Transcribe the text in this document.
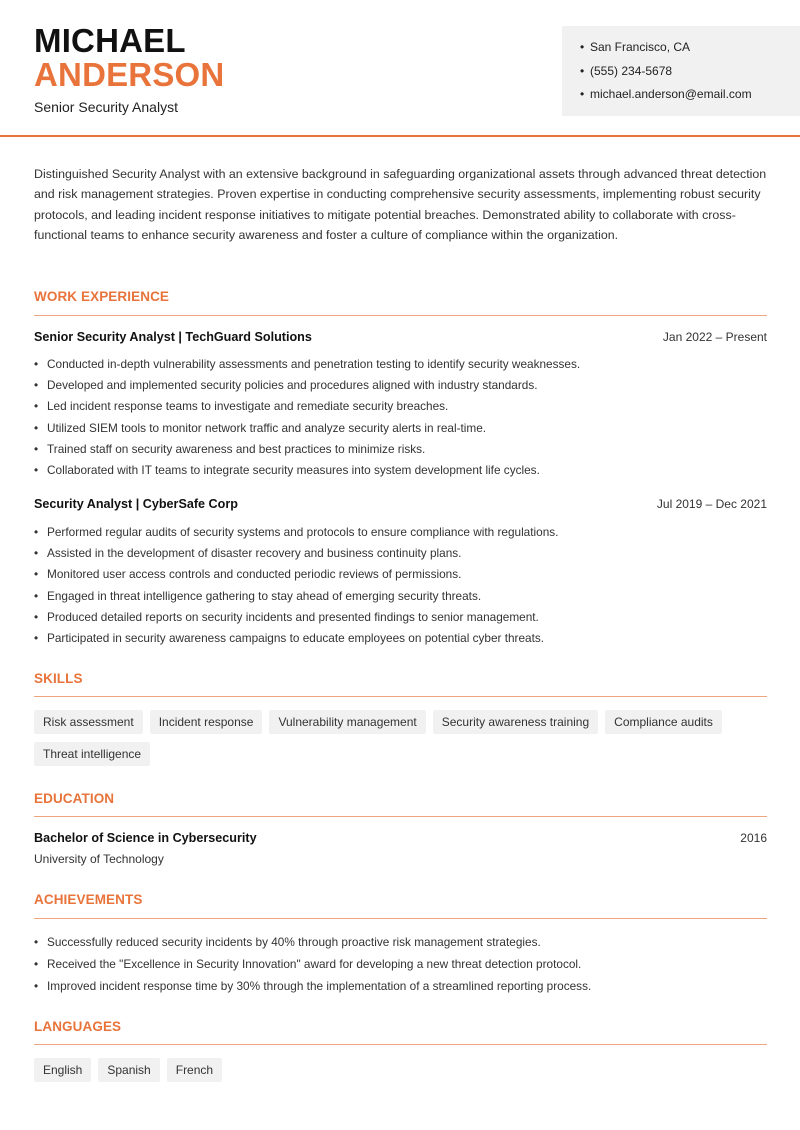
MICHAEL
ANDERSON
Senior Security Analyst
• San Francisco, CA
• (555) 234-5678
• michael.anderson@email.com

Distinguished Security Analyst with an extensive background in safeguarding organizational assets through advanced threat detection and risk management strategies. Proven expertise in conducting comprehensive security assessments, implementing robust security protocols, and leading incident response initiatives to mitigate potential breaches. Demonstrated ability to collaborate with cross-functional teams to enhance security awareness and foster a culture of compliance within the organization.

WORK EXPERIENCE
Senior Security Analyst | TechGuard Solutions	Jan 2022 – Present
• Conducted in-depth vulnerability assessments and penetration testing to identify security weaknesses.
• Developed and implemented security policies and procedures aligned with industry standards.
• Led incident response teams to investigate and remediate security breaches.
• Utilized SIEM tools to monitor network traffic and analyze security alerts in real-time.
• Trained staff on security awareness and best practices to minimize risks.
• Collaborated with IT teams to integrate security measures into system development life cycles.
Security Analyst | CyberSafe Corp	Jul 2019 – Dec 2021
• Performed regular audits of security systems and protocols to ensure compliance with regulations.
• Assisted in the development of disaster recovery and business continuity plans.
• Monitored user access controls and conducted periodic reviews of permissions.
• Engaged in threat intelligence gathering to stay ahead of emerging security threats.
• Produced detailed reports on security incidents and presented findings to senior management.
• Participated in security awareness campaigns to educate employees on potential cyber threats.
SKILLS
Risk assessment	Incident response	Vulnerability management	Security awareness training	Compliance audits
Threat intelligence
EDUCATION
Bachelor of Science in Cybersecurity	2016
University of Technology
ACHIEVEMENTS
• Successfully reduced security incidents by 40% through proactive risk management strategies.
• Received the "Excellence in Security Innovation" award for developing a new threat detection protocol.
• Improved incident response time by 30% through the implementation of a streamlined reporting process.
LANGUAGES
English	Spanish	French
